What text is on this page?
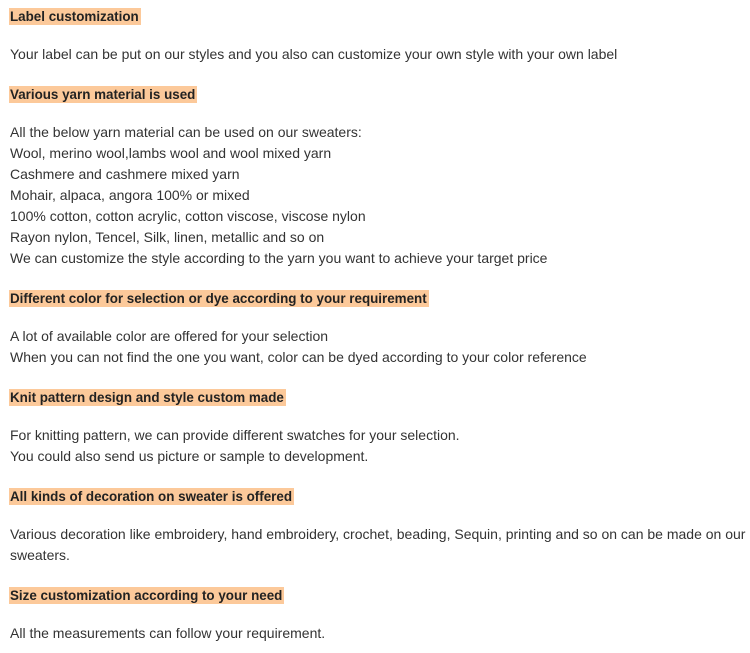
Label customization
Your label can be put on our styles and you also can customize your own style with your own label
Various yarn material is used
All the below yarn material can be used on our sweaters:
Wool, merino wool,lambs wool and wool mixed yarn
Cashmere and cashmere mixed yarn
Mohair, alpaca, angora 100% or mixed
100% cotton, cotton acrylic, cotton viscose, viscose nylon
Rayon nylon, Tencel, Silk, linen, metallic and so on
We can customize the style according to the yarn you want to achieve your target price
Different color for selection or dye according to your requirement
A lot of available color are offered for your selection
When you can not find the one you want, color can be dyed according to your color reference
Knit pattern design and style custom made
For knitting pattern, we can provide different swatches for your selection.
You could also send us picture or sample to development.
All kinds of decoration on sweater is offered
Various decoration like embroidery, hand embroidery, crochet, beading, Sequin, printing and so on can be made on our sweaters.
Size customization according to your need
All the measurements can follow your requirement.
